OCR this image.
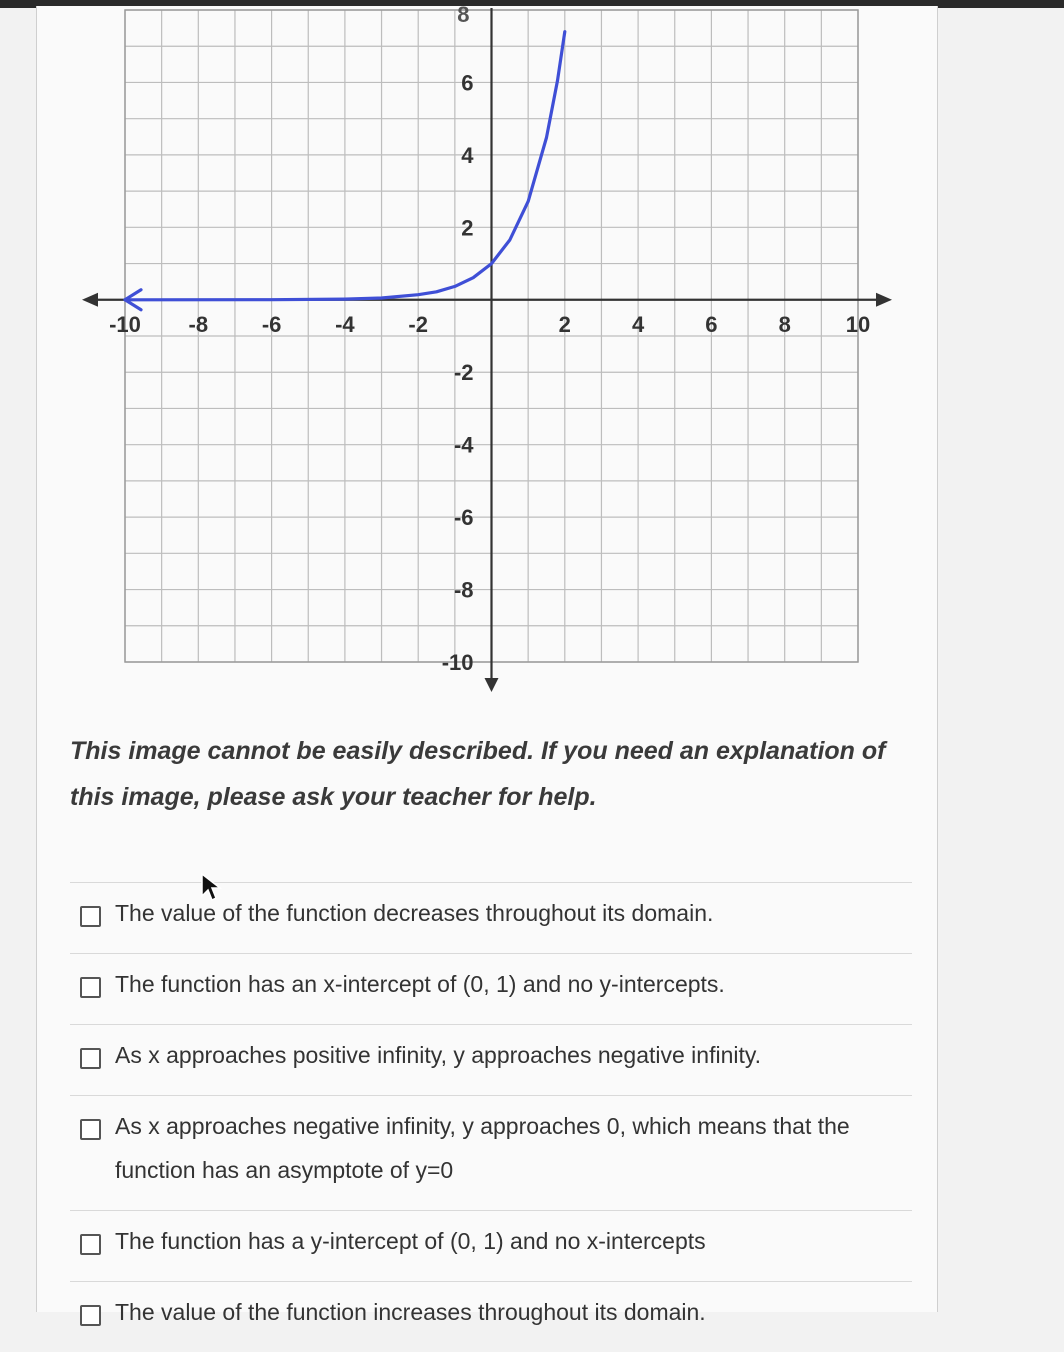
-10 -8 -6 -4 -2	2	4	6	8 10
6
4
2
-2
-4
-6
-8
-10
8

This image cannot be easily described. If you need an explanation of this image, please ask your teacher for help.

The value of the function decreases throughout its domain.
The function has an x-intercept of (0, 1) and no y-intercepts.
As x approaches positive infinity, y approaches negative infinity.
As x approaches negative infinity, y approaches 0, which means that the function has an asymptote of y=0
The function has a y-intercept of (0, 1) and no x-intercepts
The value of the function increases throughout its domain.
